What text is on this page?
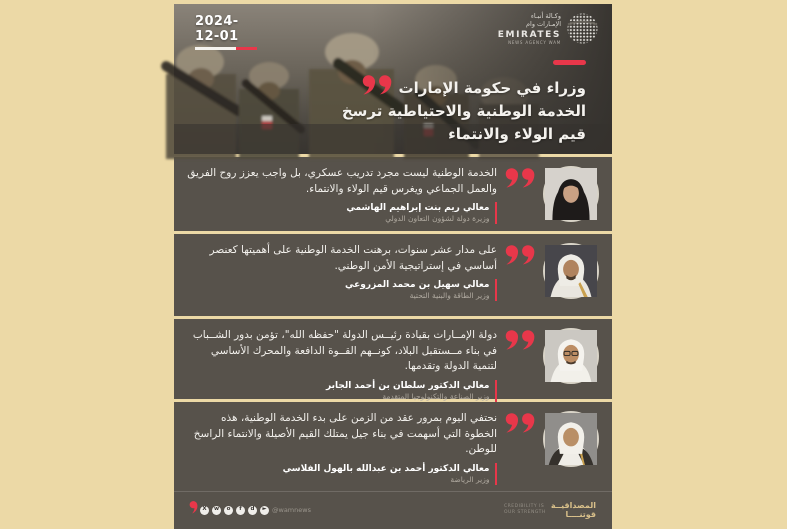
2024-12-01
وكـالة أنبـاء
الإمـارات وام
EMIRATES
NEWS AGENCY WAM
وزراء في حكومة الإمارات
الخدمة الوطنية والاحتياطية ترسخ
قيم الولاء والانتماء

الخدمة الوطنية ليست مجرد تدريب عسكري، بل واجب يعزز روح الفريق والعمل الجماعي ويغرس قيم الولاء والانتماء.

معالي ريم بنت إبراهيم الهاشمي
وزيرة دولة لشؤون التعاون الدولي

على مدار عشر سنوات، برهنت الخدمة الوطنية على أهميتها كعنصر أساسي في إستراتيجية الأمن الوطني.

معالي سهيل بن محمد المزروعي
وزير الطاقة والبنية التحتية

دولة الإمــارات بقيادة رئيــس الدولة "حفظه الله"، تؤمن بدور الشــباب في بناء مــستقبل البلاد، كونــهم القــوة الدافعة والمحرك الأساسي لتنمية الدولة وتقدمها.

معالي الدكتور سلطان بن أحمد الجابر
وزير الصناعة والتكنولوجيا المتقدمة

نحتفي اليوم بمرور عقد من الزمن على بدء الخدمة الوطنية، هذه الخطوة التي أسهمت في بناء جيل يمتلك القيم الأصيلة والانتماء الراسخ للوطن.

معالي الدكتور أحمد بن عبدالله بالهول الفلاسي
وزير الرياضة
X	w	o	f	d	► @wamnews	CREDIBILITY IS
OUR STRENGTH
المصداقيــة
قوتنــــا
